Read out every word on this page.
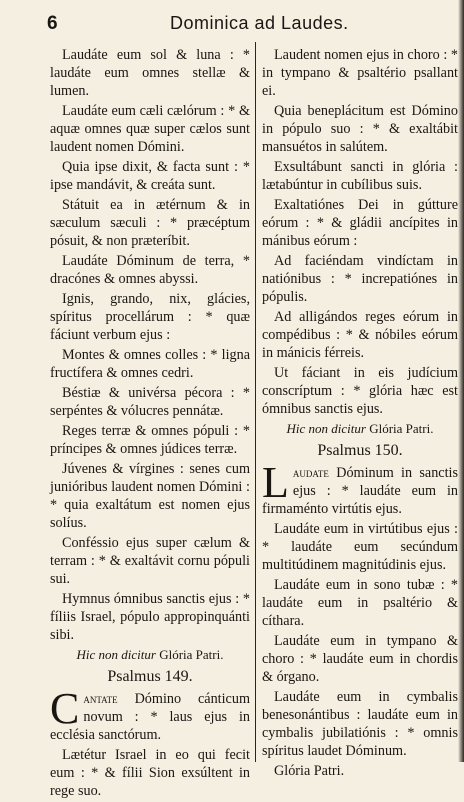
6	Dominica ad Laudes.

Laudáte eum sol & luna : * laudáte eum omnes stellæ & lumen.

Laudáte eum cæli cælórum : * & aquæ omnes quæ super cælos sunt laudent nomen Dómini.

Quia ipse dixit, & facta sunt : * ipse mandávit, & creáta sunt.

Státuit ea in ætérnum & in sæculum sæculi : * præcéptum pósuit, & non præteríbit.

Laudáte Dóminum de terra, * dracónes & omnes abyssi.

Ignis, grando, nix, glácies, spíritus procellárum : * quæ fáciunt verbum ejus :

Montes & omnes colles : * ligna fructífera & omnes cedri.

Béstiæ & univérsa pécora : * serpéntes & vólucres pennátæ.

Reges terræ & omnes pópuli : * príncipes & omnes júdices terræ.

Júvenes & vírgines : senes cum junióribus laudent nomen Dómini : * quia exaltátum est nomen ejus solíus.

Conféssio ejus super cælum & terram : * & exaltávit cornu pópuli sui.

Hymnus ómnibus sanctis ejus : * fíliis Israel, pópulo appropinquánti sibi.

Hic non dicitur Glória Patri.

Psalmus 149.

Cantate Dómino cánticum novum : * laus ejus in ecclésia sanctórum.

Lætétur Israel in eo qui fecit eum : * & fílii Sion exsúltent in rege suo.

Laudent nomen ejus in choro : * in tympano & psaltério psallant ei.

Quia beneplácitum est Dómino in pópulo suo : * & exaltábit mansuétos in salútem.

Exsultábunt sancti in glória : lætabúntur in cubílibus suis.

Exaltatiónes Dei in gútture eórum : * & gládii ancípites in mánibus eórum :

Ad faciéndam vindíctam in natiónibus : * increpatiónes in pópulis.

Ad alligándos reges eórum in compédibus : * & nóbiles eórum in mánicis férreis.

Ut fáciant in eis judícium conscríptum : * glória hæc est ómnibus sanctis ejus.

Hic non dicitur Glória Patri.

Psalmus 150.

Laudate Dóminum in sanctis ejus : * laudáte eum in firmaménto virtútis ejus.

Laudáte eum in virtútibus ejus : * laudáte eum secúndum multitúdinem magnitúdinis ejus.

Laudáte eum in sono tubæ : * laudáte eum in psaltério & cíthara.

Laudáte eum in tympano & choro : * laudáte eum in chordis & órgano.

Laudáte eum in cymbalis benesonántibus : laudáte eum in cymbalis jubilatiónis : * omnis spíritus laudet Dóminum.

Glória Patri.
